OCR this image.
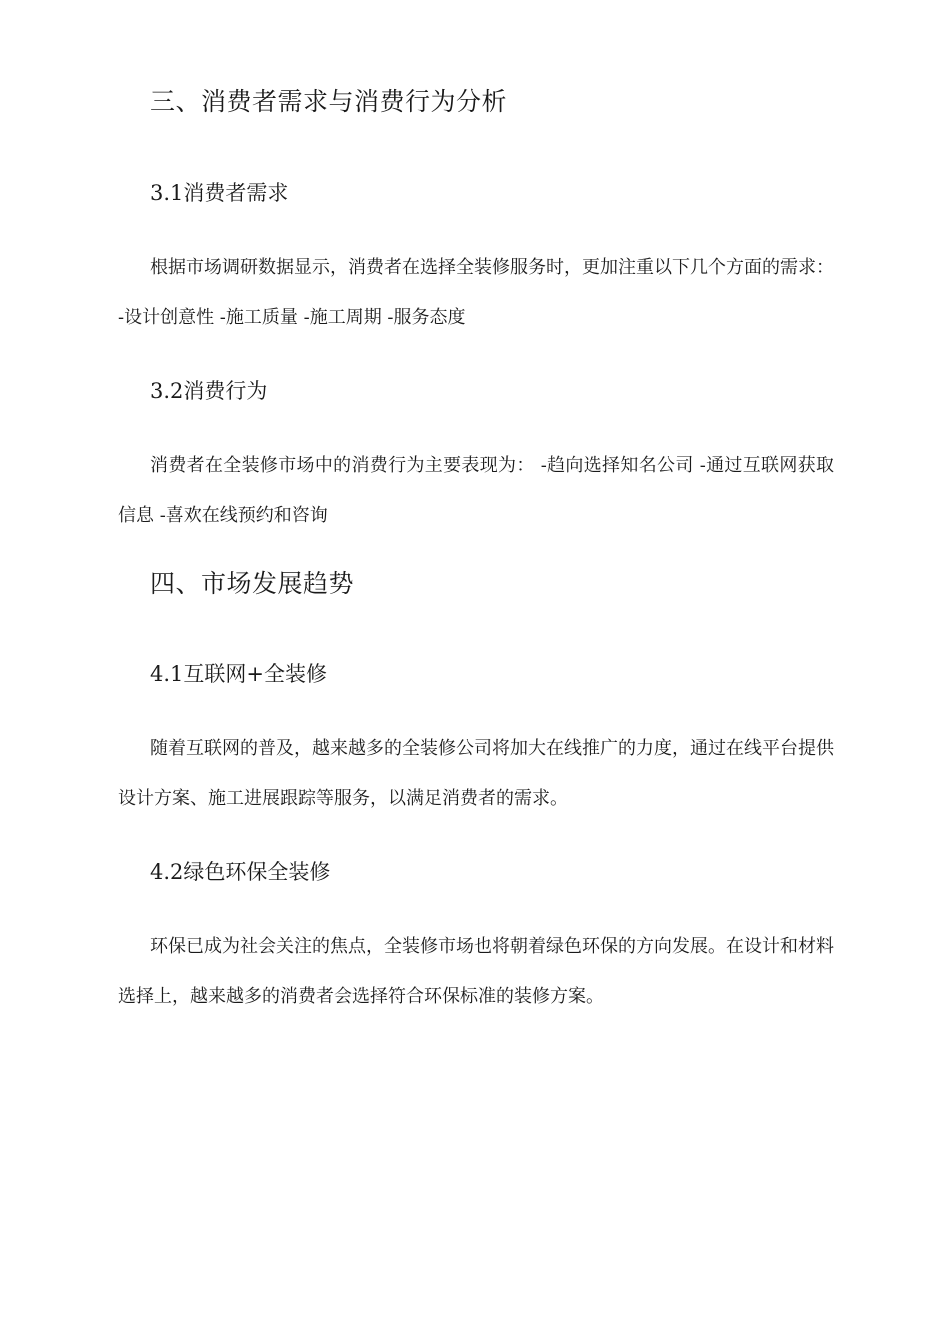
三、消费者需求与消费行为分析
3.1消费者需求

根据市场调研数据显示，消费者在选择全装修服务时，更加注重以下几个方面的需求： -设计创意性 -施工质量 -施工周期 -服务态度

3.2消费行为

消费者在全装修市场中的消费行为主要表现为： -趋向选择知名公司 -通过互联网获取信息 -喜欢在线预约和咨询

四、市场发展趋势
4.1互联网+全装修

随着互联网的普及，越来越多的全装修公司将加大在线推广的力度，通过在线平台提供设计方案、施工进展跟踪等服务，以满足消费者的需求。

4.2绿色环保全装修

环保已成为社会关注的焦点，全装修市场也将朝着绿色环保的方向发展。在设计和材料选择上，越来越多的消费者会选择符合环保标准的装修方案。
